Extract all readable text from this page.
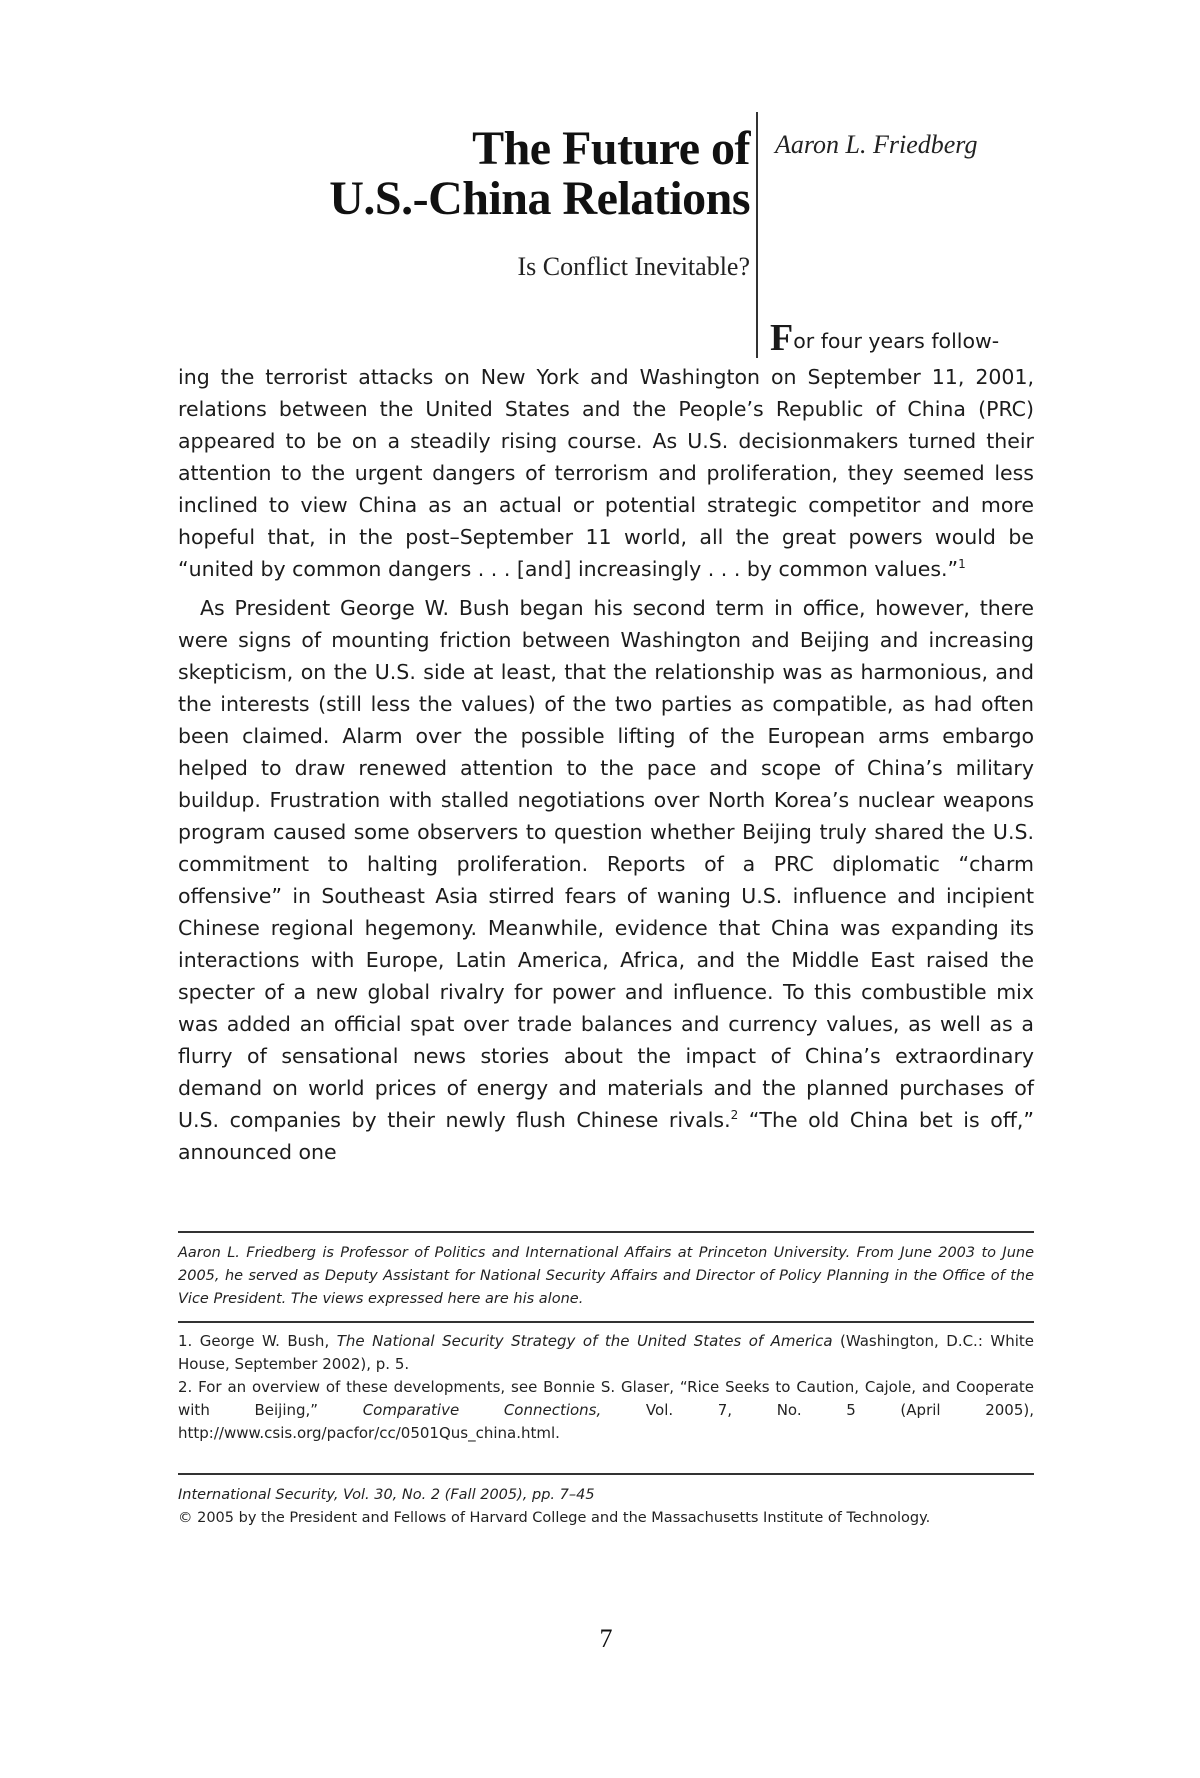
The Future of
U.S.-China Relations
Is Conflict Inevitable?
Aaron L. Friedberg
For four years follow-
ing the terrorist attacks on New York and Washington on September 11, 2001, relations between the United States and the People’s Republic of China (PRC) appeared to be on a steadily rising course. As U.S. decisionmakers turned their attention to the urgent dangers of terrorism and proliferation, they seemed less inclined to view China as an actual or potential strategic competitor and more hopeful that, in the post–September 11 world, all the great powers would be “united by common dangers . . . [and] increasingly . . . by common values.”$^1$
As President George W. Bush began his second term in office, however, there were signs of mounting friction between Washington and Beijing and increasing skepticism, on the U.S. side at least, that the relationship was as harmonious, and the interests (still less the values) of the two parties as compatible, as had often been claimed. Alarm over the possible lifting of the European arms embargo helped to draw renewed attention to the pace and scope of China’s military buildup. Frustration with stalled negotiations over North Korea’s nuclear weapons program caused some observers to question whether Beijing truly shared the U.S. commitment to halting proliferation. Reports of a PRC diplomatic “charm offensive” in Southeast Asia stirred fears of waning U.S. influence and incipient Chinese regional hegemony. Meanwhile, evidence that China was expanding its interactions with Europe, Latin America, Africa, and the Middle East raised the specter of a new global rivalry for power and influence. To this combustible mix was added an official spat over trade balances and currency values, as well as a flurry of sensational news stories about the impact of China’s extraordinary demand on world prices of energy and materials and the planned purchases of U.S. companies by their newly flush Chinese rivals.$^2$ “The old China bet is off,” announced one
Aaron L. Friedberg is Professor of Politics and International Affairs at Princeton University. From June 2003 to June 2005, he served as Deputy Assistant for National Security Affairs and Director of Policy Planning in the Office of the Vice President. The views expressed here are his alone.

1. George W. Bush, The National Security Strategy of the United States of America (Washington, D.C.: White House, September 2002), p. 5.

2. For an overview of these developments, see Bonnie S. Glaser, “Rice Seeks to Caution, Cajole, and Cooperate with Beijing,” Comparative Connections, Vol. 7, No. 5 (April 2005), http://www.csis.org/pacfor/cc/0501Qus_china.html.

International Security, Vol. 30, No. 2 (Fall 2005), pp. 7–45
© 2005 by the President and Fellows of Harvard College and the Massachusetts Institute of Technology.
7
